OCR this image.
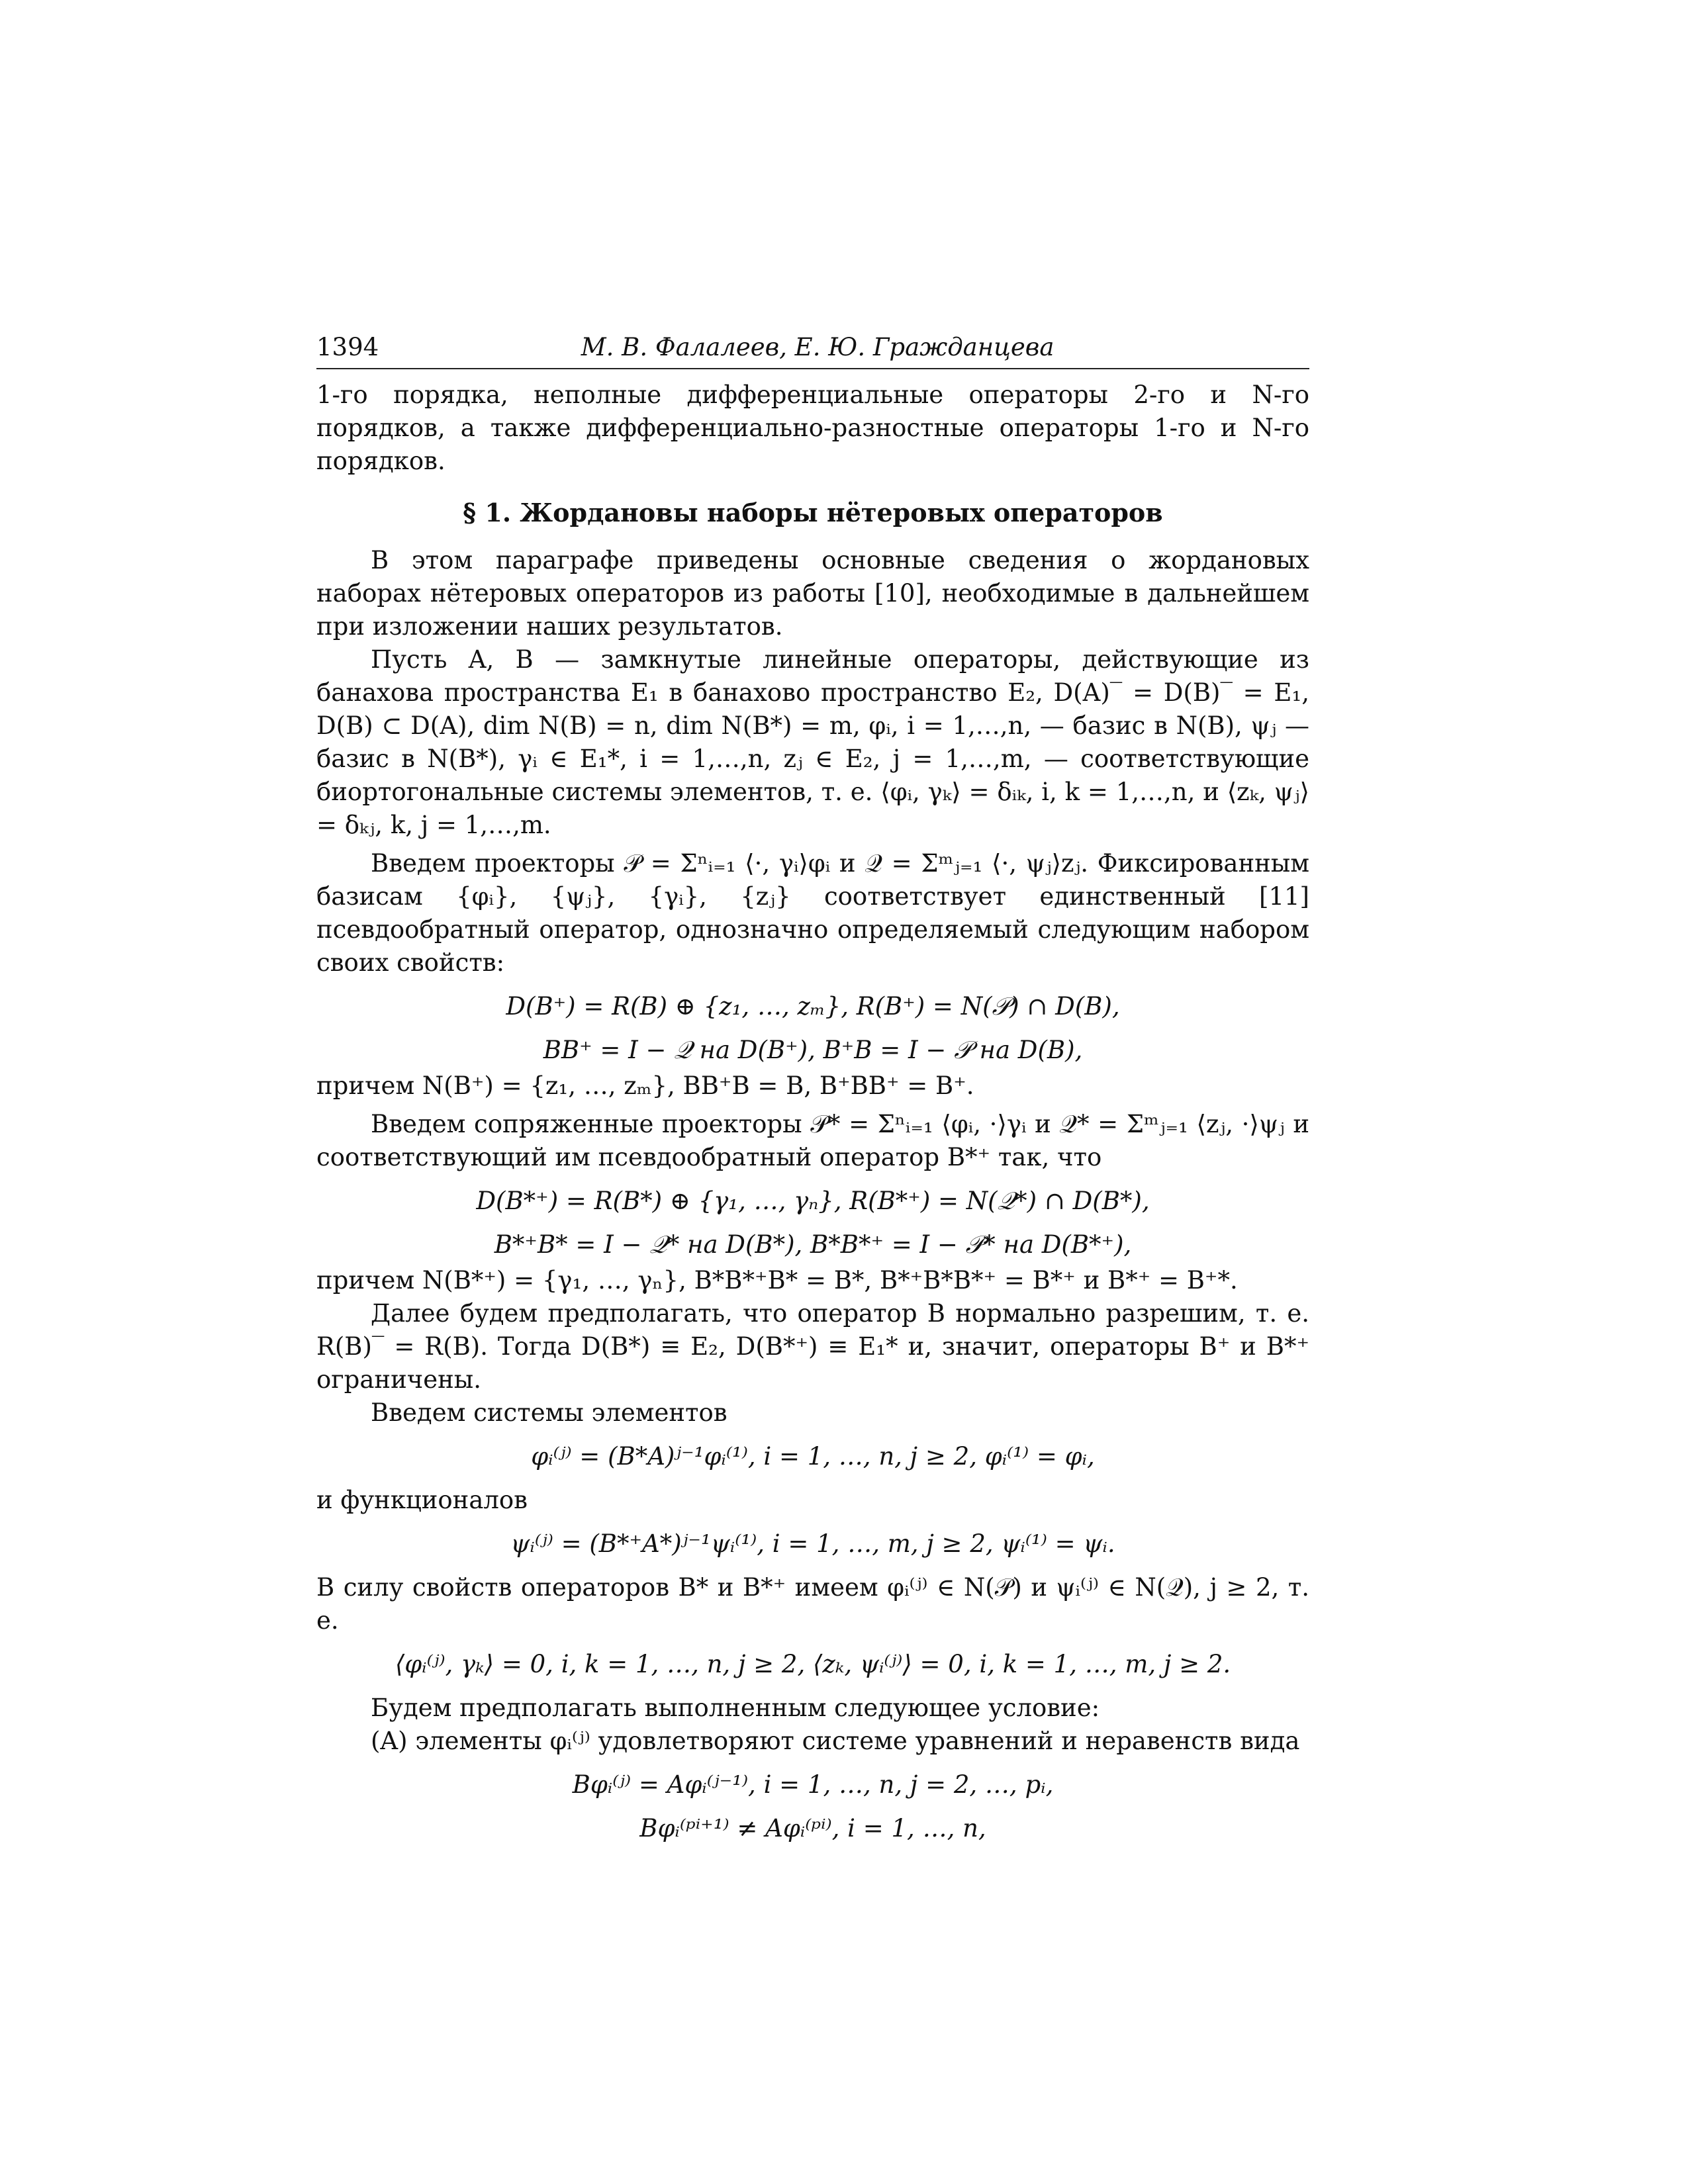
1394	М. В. Фалалеев, Е. Ю. Гражданцева

1-го порядка, неполные дифференциальные операторы 2-го и N-го порядков, а также дифференциально-разностные операторы 1-го и N-го порядков.

§ 1. Жордановы наборы нётеровых операторов

В этом параграфе приведены основные сведения о жордановых наборах нётеровых операторов из работы [10], необходимые в дальнейшем при изложении наших результатов.

Пусть A, B — замкнутые линейные операторы, действующие из банахова пространства E₁ в банахово пространство E₂, D(A)‾ = D(B)‾ = E₁, D(B) ⊂ D(A), dim N(B) = n, dim N(B*) = m, φᵢ, i = 1,…,n, — базис в N(B), ψⱼ — базис в N(B*), γᵢ ∈ E₁*, i = 1,…,n, zⱼ ∈ E₂, j = 1,…,m, — соответствующие биортогональные системы элементов, т. е. ⟨φᵢ, γₖ⟩ = δᵢₖ, i, k = 1,…,n, и ⟨zₖ, ψⱼ⟩ = δₖⱼ, k, j = 1,…,m.

Введем проекторы 𝒫 = Σⁿᵢ₌₁ ⟨·, γᵢ⟩φᵢ и 𝒬 = Σᵐⱼ₌₁ ⟨·, ψⱼ⟩zⱼ. Фиксированным базисам {φᵢ}, {ψⱼ}, {γᵢ}, {zⱼ} соответствует единственный [11] псевдообратный оператор, однозначно определяемый следующим набором своих свойств:

D(B⁺) = R(B) ⊕ {z₁, …, zₘ}, R(B⁺) = N(𝒫) ∩ D(B),
BB⁺ = I − 𝒬 на D(B⁺), B⁺B = I − 𝒫 на D(B),

причем N(B⁺) = {z₁, …, zₘ}, BB⁺B = B, B⁺BB⁺ = B⁺.

Введем сопряженные проекторы 𝒫* = Σⁿᵢ₌₁ ⟨φᵢ, ·⟩γᵢ и 𝒬* = Σᵐⱼ₌₁ ⟨zⱼ, ·⟩ψⱼ и соответствующий им псевдообратный оператор B*⁺ так, что

D(B*⁺) = R(B*) ⊕ {γ₁, …, γₙ}, R(B*⁺) = N(𝒬*) ∩ D(B*),
B*⁺B* = I − 𝒬* на D(B*), B*B*⁺ = I − 𝒫* на D(B*⁺),

причем N(B*⁺) = {γ₁, …, γₙ}, B*B*⁺B* = B*, B*⁺B*B*⁺ = B*⁺ и B*⁺ = B⁺*.

Далее будем предполагать, что оператор B нормально разрешим, т. е. R(B)‾ = R(B). Тогда D(B*) ≡ E₂, D(B*⁺) ≡ E₁* и, значит, операторы B⁺ и B*⁺ ограничены.

Введем системы элементов

φᵢ⁽ʲ⁾ = (B*A)ʲ⁻¹φᵢ⁽¹⁾, i = 1, …, n, j ≥ 2, φᵢ⁽¹⁾ = φᵢ,

и функционалов

ψᵢ⁽ʲ⁾ = (B*⁺A*)ʲ⁻¹ψᵢ⁽¹⁾, i = 1, …, m, j ≥ 2, ψᵢ⁽¹⁾ = ψᵢ.

В силу свойств операторов B* и B*⁺ имеем φᵢ⁽ʲ⁾ ∈ N(𝒫) и ψᵢ⁽ʲ⁾ ∈ N(𝒬), j ≥ 2, т. е.

⟨φᵢ⁽ʲ⁾, γₖ⟩ = 0, i, k = 1, …, n, j ≥ 2, ⟨zₖ, ψᵢ⁽ʲ⁾⟩ = 0, i, k = 1, …, m, j ≥ 2.

Будем предполагать выполненным следующее условие:

(A) элементы φᵢ⁽ʲ⁾ удовлетворяют системе уравнений и неравенств вида

Bφᵢ⁽ʲ⁾ = Aφᵢ⁽ʲ⁻¹⁾, i = 1, …, n, j = 2, …, pᵢ,
Bφᵢ⁽ᵖⁱ⁺¹⁾ ≠ Aφᵢ⁽ᵖⁱ⁾, i = 1, …, n,
